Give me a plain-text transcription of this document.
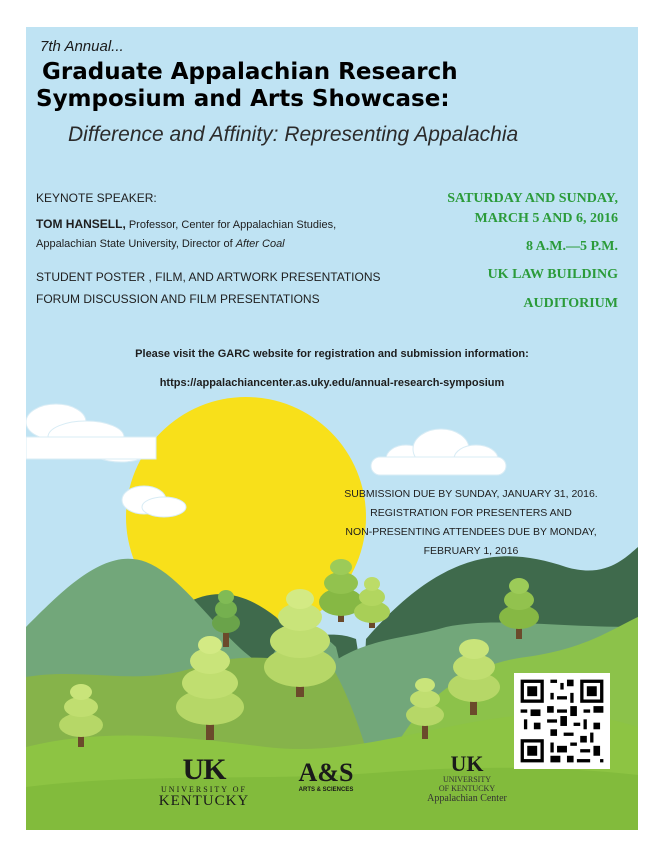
7th Annual...
Graduate Appalachian Research
Symposium and Arts Showcase:
Difference and Affinity: Representing Appalachia
KEYNOTE SPEAKER:
TOM HANSELL, Professor, Center for Appalachian Studies,
Appalachian State University, Director of After Coal
STUDENT POSTER , FILM, AND ARTWORK PRESENTATIONS
FORUM DISCUSSION AND FILM PRESENTATIONS
SATURDAY AND SUNDAY,
MARCH 5 AND 6, 2016
8 A.M.—5 P.M.
UK LAW BUILDING
AUDITORIUM
Please visit the GARC website for registration and submission information:
https://appalachiancenter.as.uky.edu/annual-research-symposium
SUBMISSION DUE BY SUNDAY, JANUARY 31, 2016.
REGISTRATION FOR PRESENTERS AND
NON-PRESENTING ATTENDEES DUE BY MONDAY,
FEBRUARY 1, 2016
UK
UNIVERSITY OF
KENTUCKY
A&S
ARTS & SCIENCES
UK
UNIVERSITY
OF KENTUCKY
Appalachian Center
